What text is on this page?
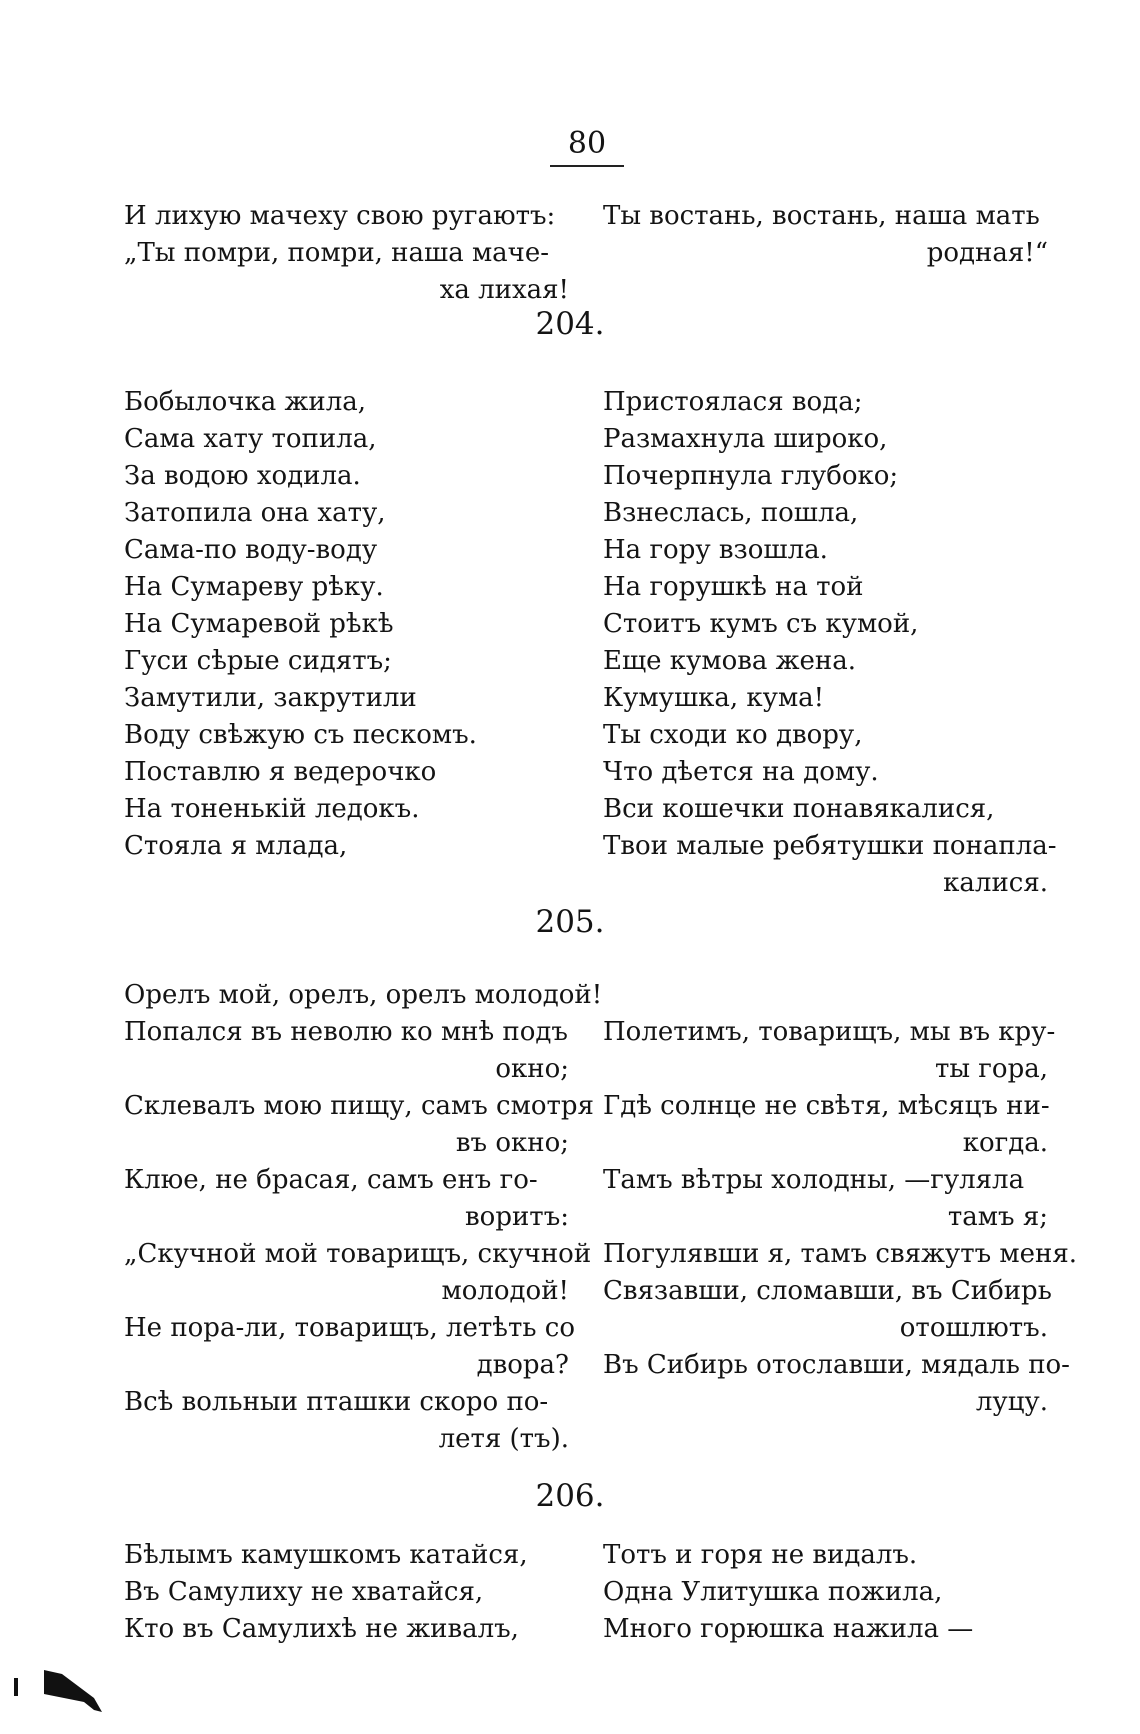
80
И лихую мачеху свою ругаютъ:
„Ты помри, помри, наша маче-
ха лихая!
Ты востань, востань, наша мать
родная!“
204.
Бобылочка жила,
Сама хату топила,
За водою ходила.
Затопила она хату,
Сама-по воду-воду
На Сумареву рѣку.
На Сумаревой рѣкѣ
Гуси сѣрые сидятъ;
Замутили, закрутили
Воду свѣжую съ пескомъ.
Поставлю я ведерочко
На тоненькій ледокъ.
Стояла я млада,
Пристоялася вода;
Размахнула широко,
Почерпнула глубоко;
Взнеслась, пошла,
На гору взошла.
На горушкѣ на той
Стоитъ кумъ съ кумой,
Еще кумова жена.
Кумушка, кума!
Ты сходи ко двору,
Что дѣется на дому.
Вси кошечки понавякалися,
Твои малые ребятушки понапла-
калися.
205.
Орелъ мой, орелъ, орелъ молодой!
Попался въ неволю ко мнѣ подъ
окно;
Склевалъ мою пищу, самъ смотря
въ окно;
Клюе, не брасая, самъ енъ го-
воритъ:
„Скучной мой товарищъ, скучной
молодой!
Не пора-ли, товарищъ, летѣть со
двора?
Всѣ вольныи пташки скоро по-
летя (тъ).
Полетимъ, товарищъ, мы въ кру-
ты гора,
Гдѣ солнце не свѣтя, мѣсяцъ ни-
когда.
Тамъ вѣтры холодны, —гуляла
тамъ я;
Погулявши я, тамъ свяжутъ меня.
Связавши, сломавши, въ Сибирь
отошлютъ.
Въ Сибирь отославши, мядаль по-
луцу.
206.
Бѣлымъ камушкомъ катайся,
Въ Самулиху не хватайся,
Кто въ Самулихѣ не живалъ,
Тотъ и горя не видалъ.
Одна Улитушка пожила,
Много горюшка нажила —
